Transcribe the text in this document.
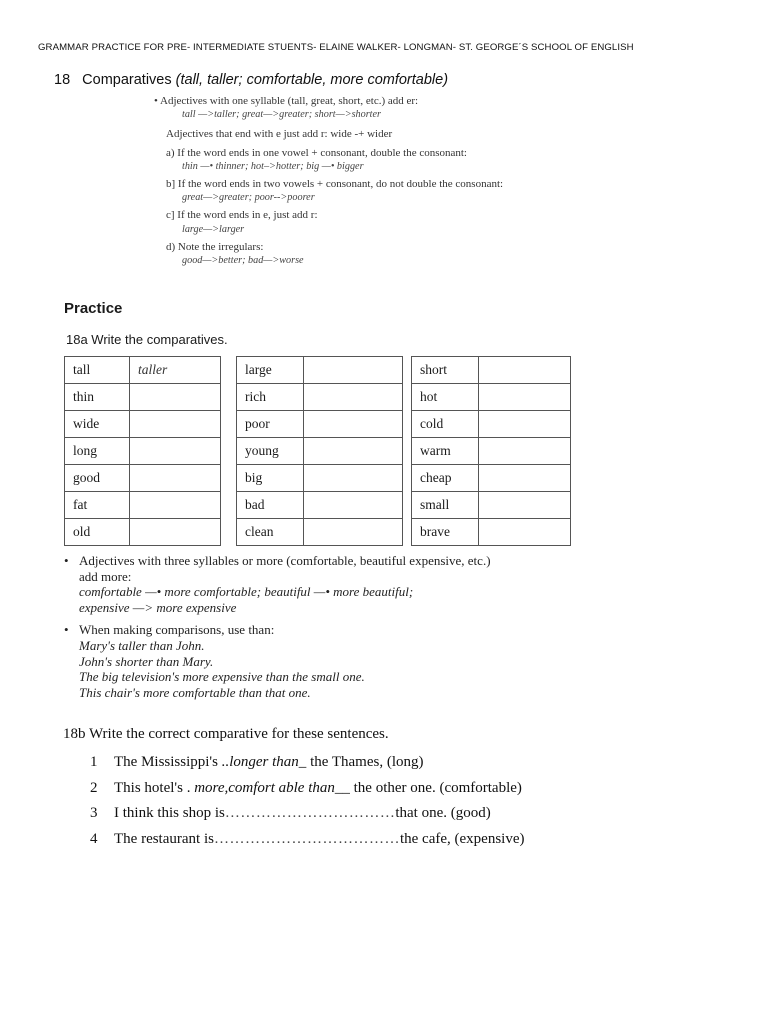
GRAMMAR PRACTICE FOR PRE- INTERMEDIATE STUENTS- ELAINE WALKER- LONGMAN- ST. GEORGE´S SCHOOL OF ENGLISH
18 Comparatives (tall, taller; comfortable, more comfortable)
• Adjectives with one syllable (tall, great, short, etc.) add er:
tall —>taller; great—>greater; short—>shorter
Adjectives that end with e just add r: wide -+ wider
a) If the word ends in one vowel + consonant, double the consonant:
thin —• thinner; hot–>hotter; big —• bigger
b] If the word ends in two vowels + consonant, do not double the consonant:
great—>greater; poor-->poorer
c] If the word ends in e, just add r:
large—>larger
d) Note the irregulars:
good—>better; bad—>worse
Practice
18a Write the comparatives.
tall	taller
thin	
wide	
long	
good	
fat	
old	
large	
rich	
poor	
young	
big	
bad	
clean	
short	
hot	
cold	
warm	
cheap	
small	
brave	
• Adjectives with three syllables or more (comfortable, beautiful expensive, etc.)
add more:
comfortable —• more comfortable; beautiful —• more beautiful;
expensive —> more expensive
• When making comparisons, use than:
Mary's taller than John.
John's shorter than Mary.
The big television's more expensive than the small one.
This chair's more comfortable than that one.
18b Write the correct comparative for these sentences.
1 The Mississippi's ..longer than_ the Thames, (long)
2 This hotel's . more,comfort able than__ the other one. (comfortable)
3 I think this shop is……………………………that one. (good)
4 The restaurant is………………………………the cafe, (expensive)
